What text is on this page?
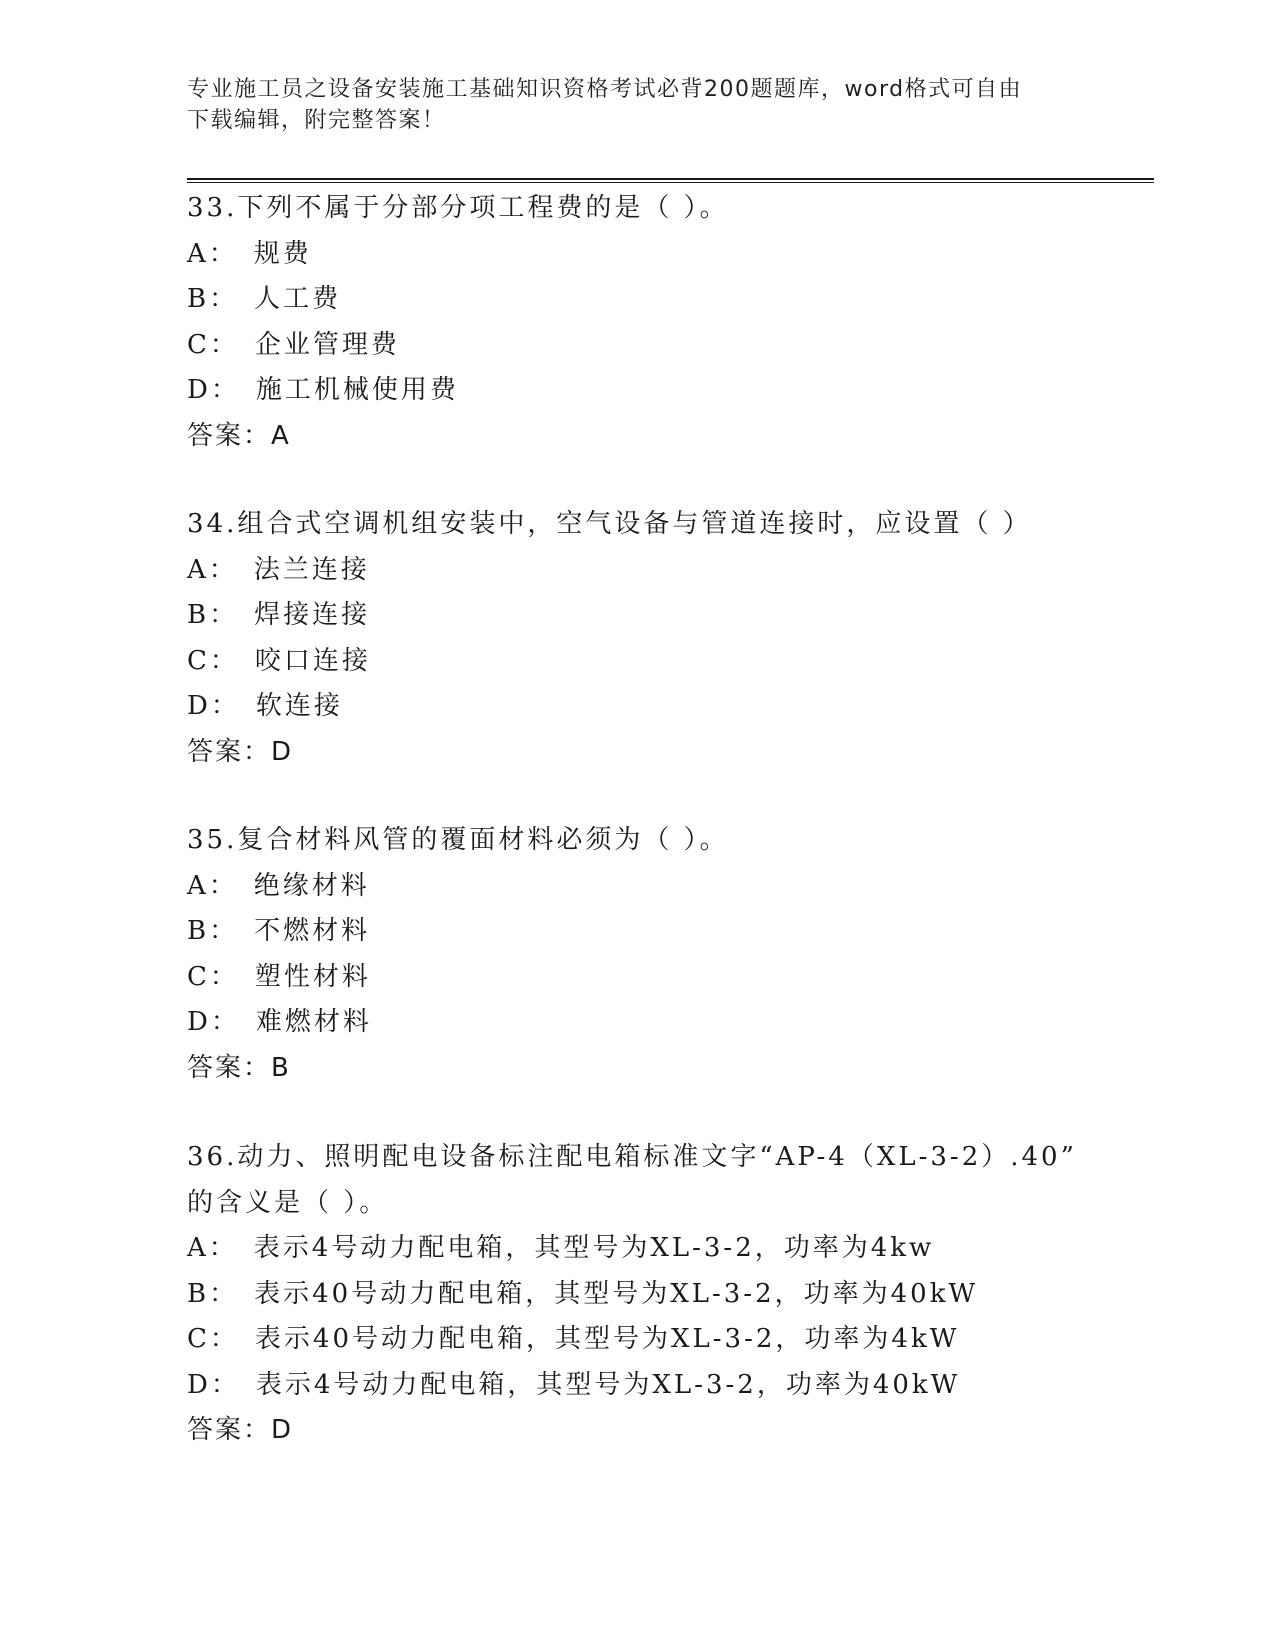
专业施工员之设备安装施工基础知识资格考试必背200题题库，word格式可自由
下载编辑，附完整答案！
33.下列不属于分部分项工程费的是（ ）。
A： 规费
B： 人工费
C： 企业管理费
D： 施工机械使用费
答案：A
34.组合式空调机组安装中，空气设备与管道连接时，应设置（ ）
A： 法兰连接
B： 焊接连接
C： 咬口连接
D： 软连接
答案：D
35.复合材料风管的覆面材料必须为（ ）。
A： 绝缘材料
B： 不燃材料
C： 塑性材料
D： 难燃材料
答案：B
36.动力、照明配电设备标注配电箱标准文字“AP-4（XL-3-2）.40”
的含义是（ ）。
A： 表示4号动力配电箱，其型号为XL-3-2，功率为4kw
B： 表示40号动力配电箱，其型号为XL-3-2，功率为40kW
C： 表示40号动力配电箱，其型号为XL-3-2，功率为4kW
D： 表示4号动力配电箱，其型号为XL-3-2，功率为40kW
答案：D
